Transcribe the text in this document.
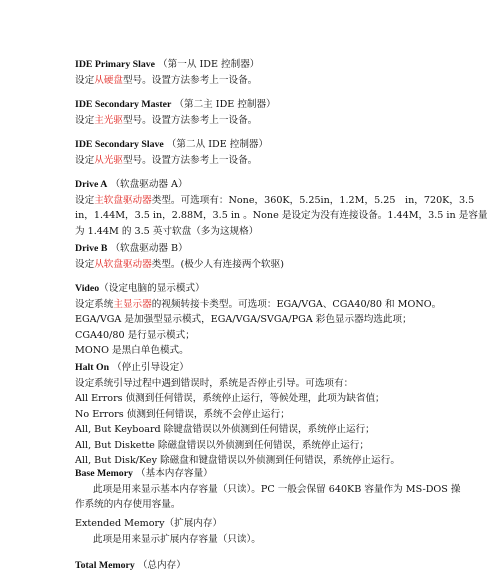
IDE Primary Slave （第一从 IDE 控制器）
设定从硬盘型号。设置方法参考上一设备。
IDE Secondary Master （第二主 IDE 控制器）
设定主光驱型号。设置方法参考上一设备。
IDE Secondary Slave （第二从 IDE 控制器）
设定从光驱型号。设置方法参考上一设备。
Drive A （软盘驱动器 A）
设定主软盘驱动器类型。可选项有：None，360K，5.25in，1.2M，5.25　in，720K， 3.5
in，1.44M，3.5 in，2.88M，3.5 in 。None 是设定为没有连接设备。1.44M，3.5 in 是容量
为 1.44M 的 3.5 英寸软盘（多为这规格）
Drive B （软盘驱动器 B）
设定从软盘驱动器类型。(极少人有连接两个软驱)
Video（设定电脑的显示模式）
设定系统主显示器的视频转接卡类型。可选项：EGA/VGA、CGA40/80 和 MONO。
EGA/VGA 是加强型显示模式，EGA/VGA/SVGA/PGA 彩色显示器均选此项；
CGA40/80 是行显示模式；
MONO 是黑白单色模式。
Halt On （停止引导设定）
设定系统引导过程中遇到错误时，系统是否停止引导。可选项有：
All Errors 侦测到任何错误，系统停止运行，等候处理，此项为缺省值；
No Errors 侦测到任何错误，系统不会停止运行；
All, But Keyboard 除键盘错误以外侦测到任何错误，系统停止运行；
All, But Diskette 除磁盘错误以外侦测到任何错误，系统停止运行；
All, But Disk/Key 除磁盘和键盘错误以外侦测到任何错误，系统停止运行。
Base Memory （基本内存容量）
此项是用来显示基本内存容量（只读）。PC 一般会保留 640KB 容量作为 MS-DOS 操
作系统的内存使用容量。
Extended Memory（扩展内存）
此项是用来显示扩展内存容量（只读）。
Total Memory （总内存）
